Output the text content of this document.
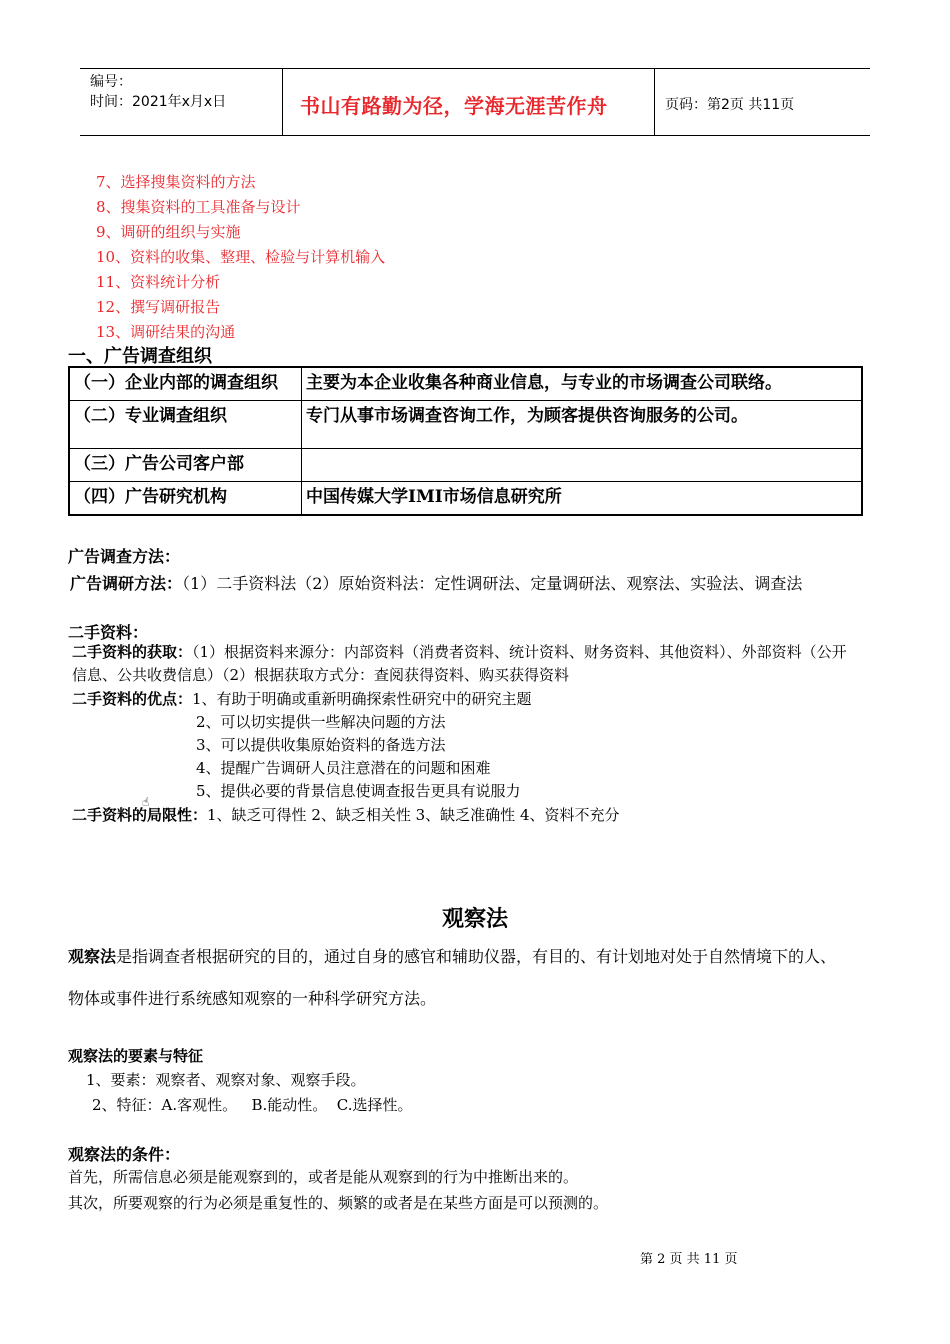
编号：
时间：2021年x月x日	书山有路勤为径，学海无涯苦作舟	页码：第2页 共11页
7、选择搜集资料的方法
8、搜集资料的工具准备与设计
9、调研的组织与实施
10、资料的收集、整理、检验与计算机输入
11、资料统计分析
12、撰写调研报告
13、调研结果的沟通
一、广告调查组织
（一）企业内部的调查组织	主要为本企业收集各种商业信息，与专业的市场调查公司联络。
（二）专业调查组织	专门从事市场调查咨询工作，为顾客提供咨询服务的公司。
（三）广告公司客户部	
（四）广告研究机构	中国传媒大学IMI市场信息研究所
广告调查方法：
广告调研方法：（1）二手资料法（2）原始资料法：定性调研法、定量调研法、观察法、实验法、调查法
二手资料：
二手资料的获取：（1）根据资料来源分：内部资料（消费者资料、统计资料、财务资料、其他资料）、外部资料（公开
信息、公共收费信息）（2）根据获取方式分：查阅获得资料、购买获得资料
二手资料的优点：1、有助于明确或重新明确探索性研究中的研究主题
2、可以切实提供一些解决问题的方法
3、可以提供收集原始资料的备选方法
4、提醒广告调研人员注意潜在的问题和困难
5、提供必要的背景信息使调查报告更具有说服力
☝
二手资料的局限性：1、缺乏可得性 2、缺乏相关性 3、缺乏准确性 4、资料不充分
观察法
观察法是指调查者根据研究的目的，通过自身的感官和辅助仪器，有目的、有计划地对处于自然情境下的人、
物体或事件进行系统感知观察的一种科学研究方法。
观察法的要素与特征
1、要素：观察者、观察对象、观察手段。
2、特征：A.客观性。   B.能动性。  C.选择性。
观察法的条件：
首先，所需信息必须是能观察到的，或者是能从观察到的行为中推断出来的。
其次，所要观察的行为必须是重复性的、频繁的或者是在某些方面是可以预测的。
第 2 页 共 11 页
